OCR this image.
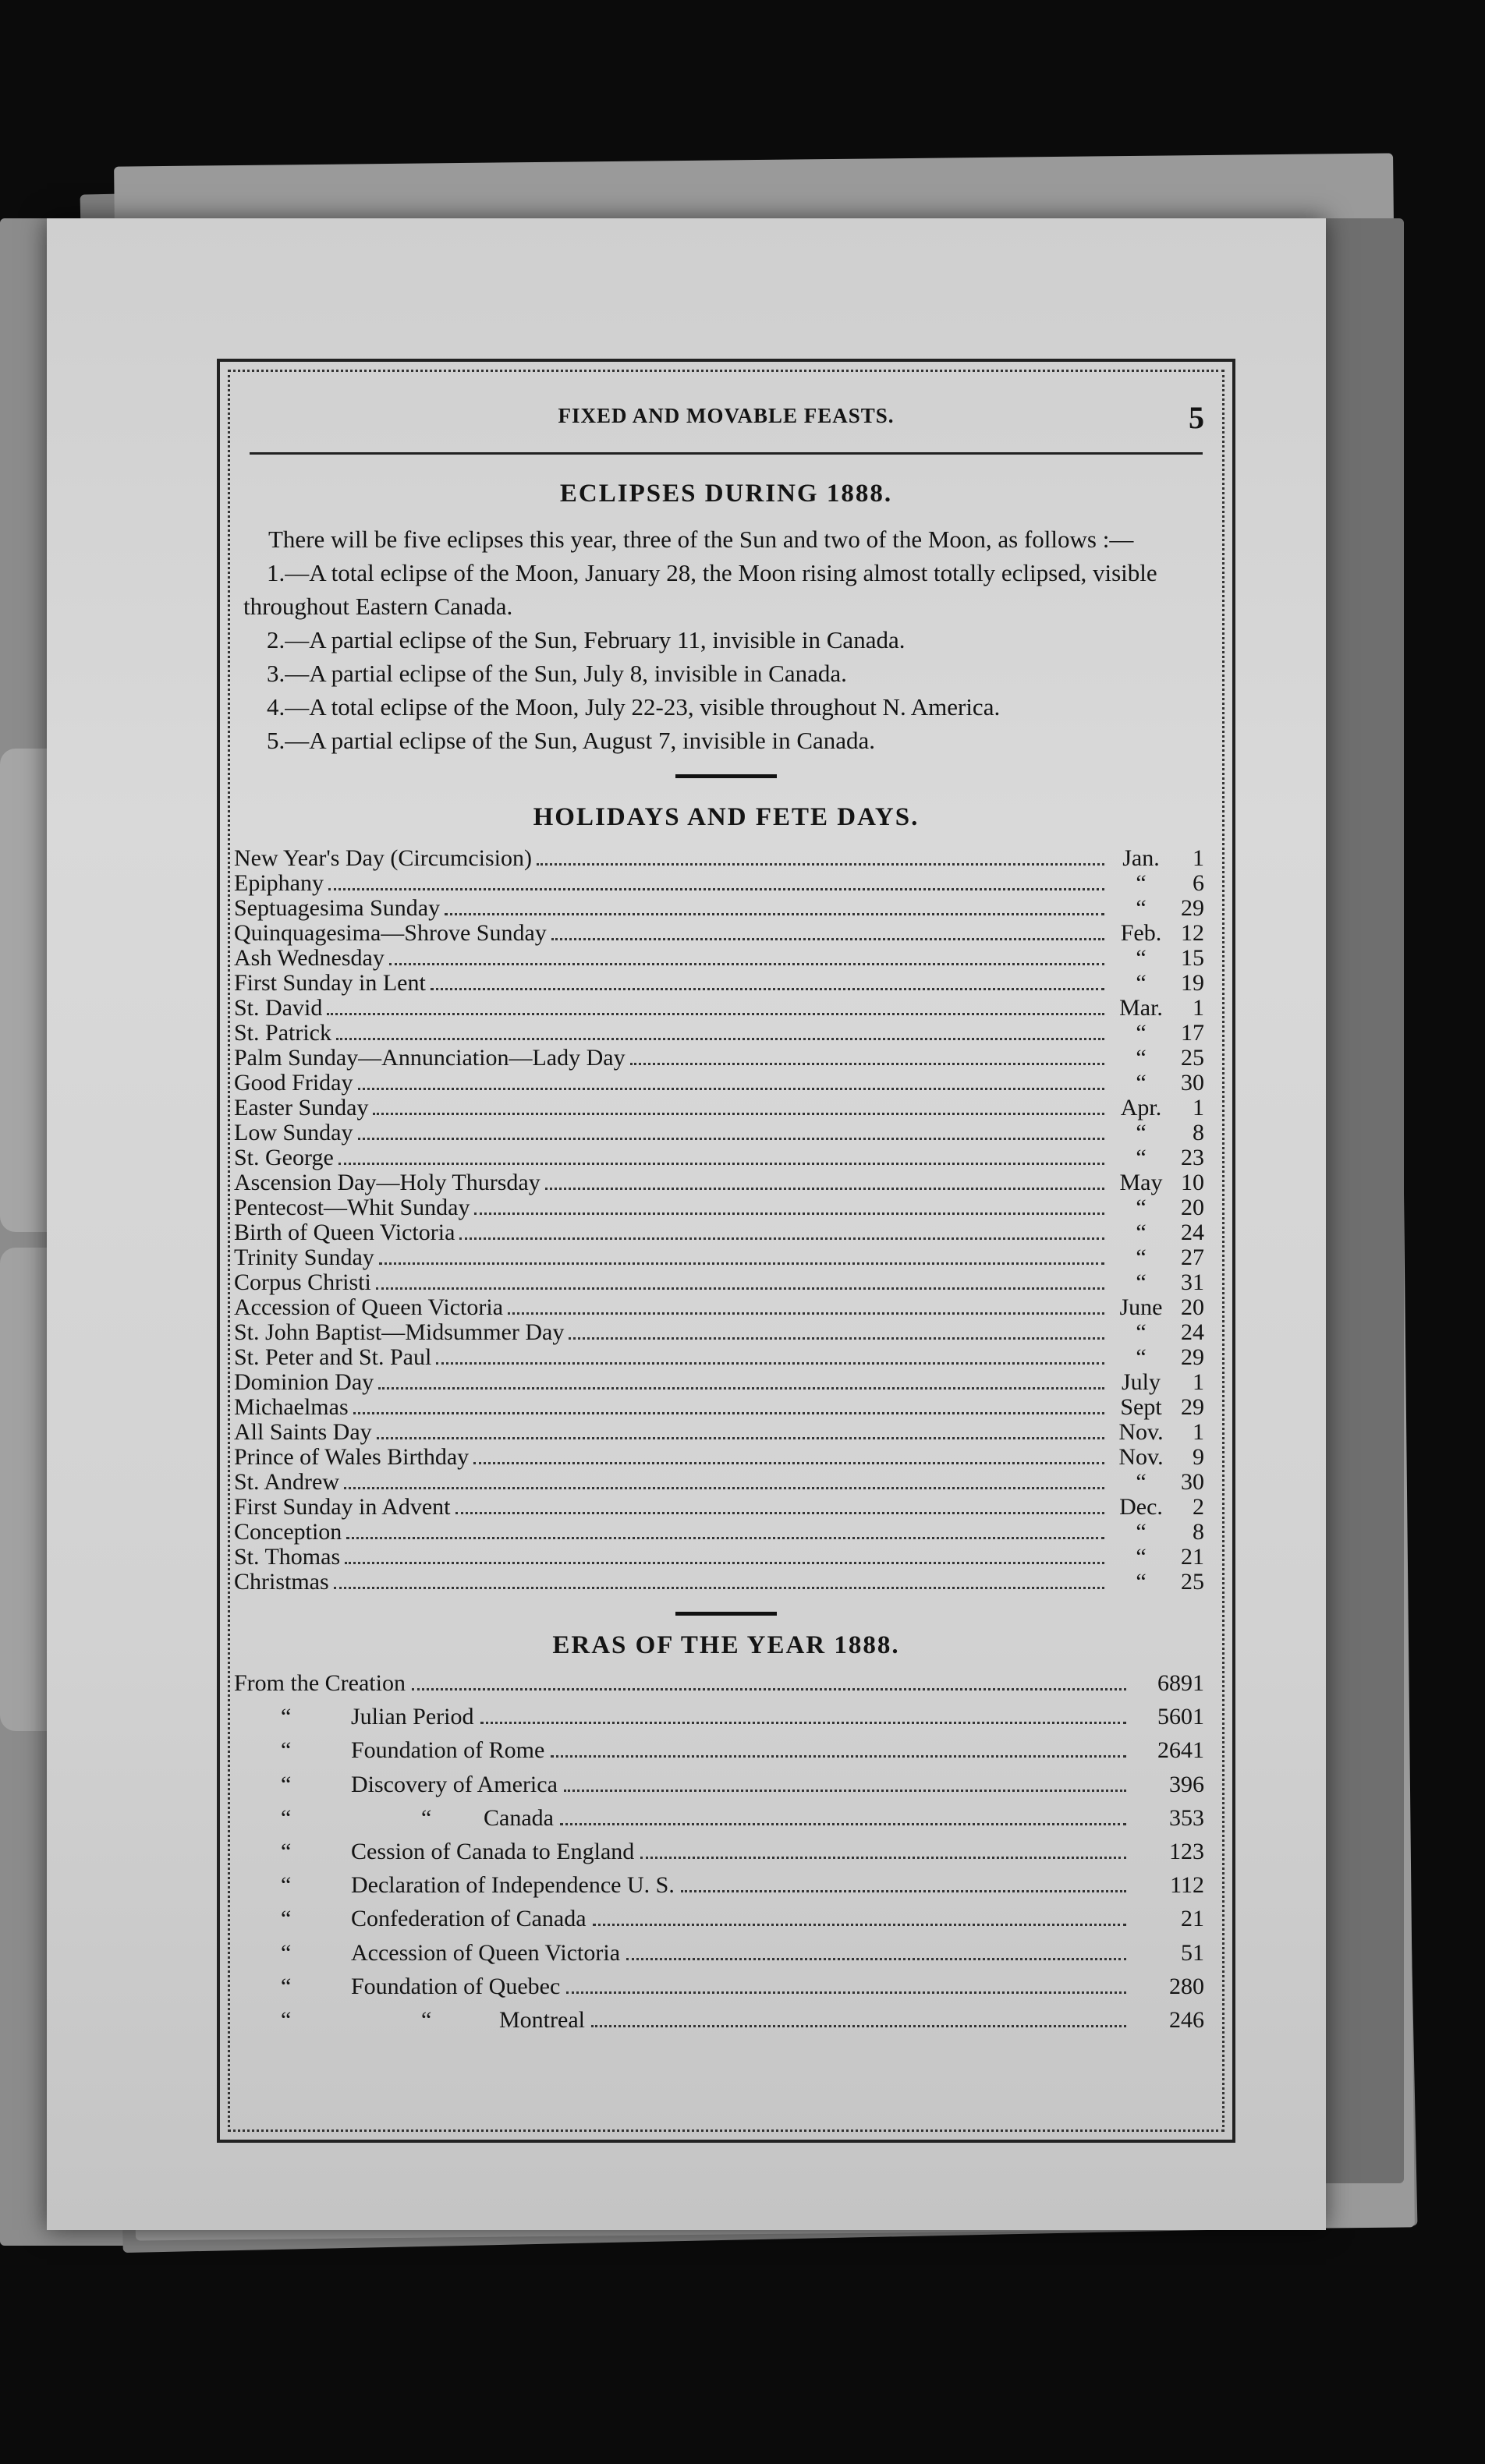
FIXED AND MOVABLE FEASTS.	5
ECLIPSES DURING 1888.
There will be five eclipses this year, three of the Sun and two of the Moon, as follows :—
1.—A total eclipse of the Moon, January 28, the Moon rising almost totally eclipsed, visible throughout Eastern Canada.
2.—A partial eclipse of the Sun, February 11, invisible in Canada.
3.—A partial eclipse of the Sun, July 8, invisible in Canada.
4.—A total eclipse of the Moon, July 22-23, visible throughout N. America.
5.—A partial eclipse of the Sun, August 7, invisible in Canada.
HOLIDAYS AND FETE DAYS.
New Year's Day (Circumcision)	Jan.	1
Epiphany	“	6
Septuagesima Sunday	“	29
Quinquagesima—Shrove Sunday	Feb. 12
Ash Wednesday	“	15
First Sunday in Lent	“	19
St. David	Mar.	1
St. Patrick	“	17
Palm Sunday—Annunciation—Lady Day	“	25
Good Friday	“	30
Easter Sunday	Apr.	1
Low Sunday	“	8
St. George	“	23
Ascension Day—Holy Thursday	May 10
Pentecost—Whit Sunday	“	20
Birth of Queen Victoria	“	24
Trinity Sunday	“	27
Corpus Christi	“	31
Accession of Queen Victoria	June 20
St. John Baptist—Midsummer Day	“	24
St. Peter and St. Paul	“	29
Dominion Day	July	1
Michaelmas	Sept 29
All Saints Day	Nov.	1
Prince of Wales Birthday	Nov.	9
St. Andrew	“	30
First Sunday in Advent	Dec.	2
Conception	“	8
St. Thomas	“	21
Christmas	“	25
ERAS OF THE YEAR 1888.
From the Creation	6891
“	Julian Period	5601
“	Foundation of Rome	2641
“	Discovery of America	396
“	“	Canada	353
“	Cession of Canada to England	123
“	Declaration of Independence U. S.	112
“	Confederation of Canada	21
“	Accession of Queen Victoria	51
“	Foundation of Quebec	280
“	“	Montreal	246
